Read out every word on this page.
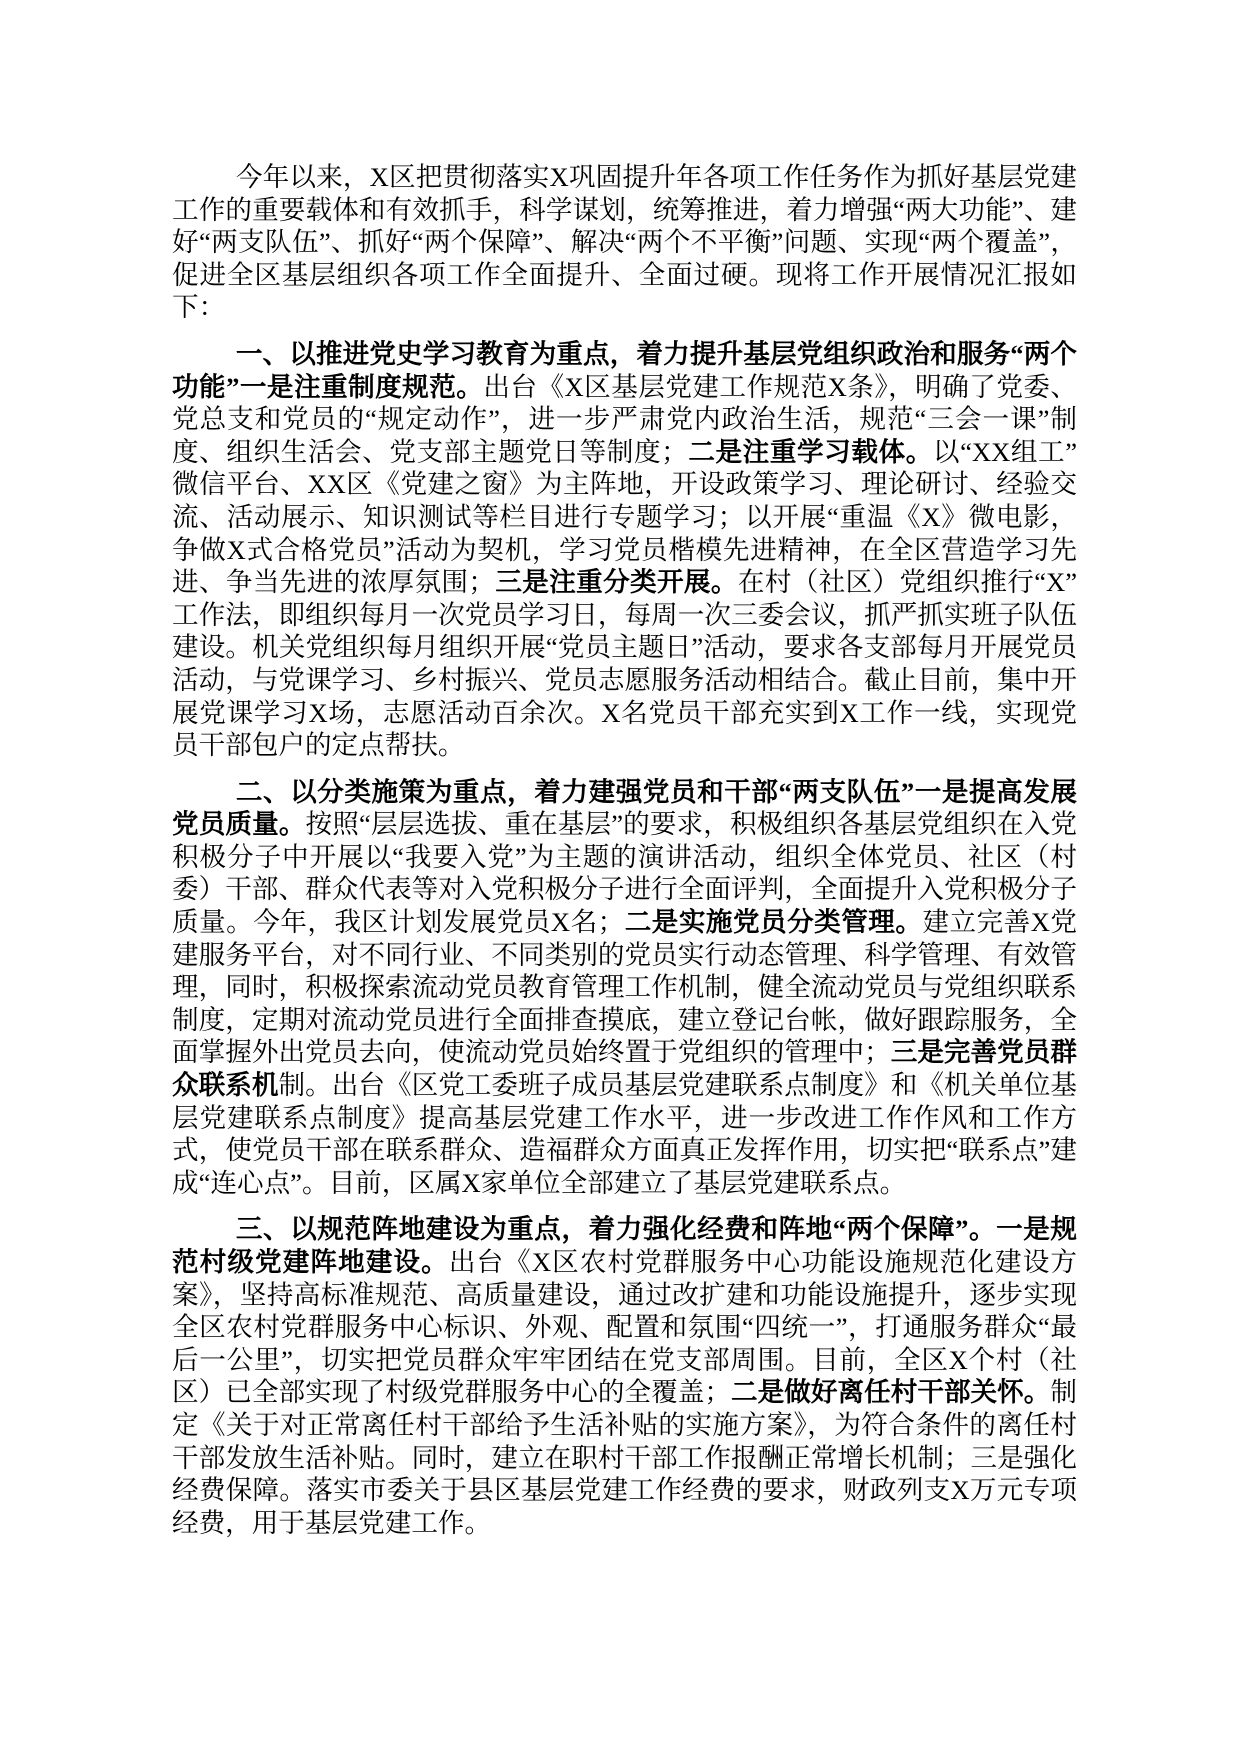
今年以来，X区把贯彻落实X巩固提升年各项工作任务作为抓好基层党建工作的重要载体和有效抓手，科学谋划，统筹推进，着力增强“两大功能”、建好“两支队伍”、抓好“两个保障”、解决“两个不平衡”问题、实现“两个覆盖”，促进全区基层组织各项工作全面提升、全面过硬。现将工作开展情况汇报如下：

一、以推进党史学习教育为重点，着力提升基层党组织政治和服务“两个功能”一是注重制度规范。出台《X区基层党建工作规范X条》，明确了党委、党总支和党员的“规定动作”，进一步严肃党内政治生活，规范“三会一课”制度、组织生活会、党支部主题党日等制度；二是注重学习载体。以“XX组工”微信平台、XX区《党建之窗》为主阵地，开设政策学习、理论研讨、经验交流、活动展示、知识测试等栏目进行专题学习；以开展“重温《X》微电影，争做X式合格党员”活动为契机，学习党员楷模先进精神，在全区营造学习先进、争当先进的浓厚氛围；三是注重分类开展。在村（社区）党组织推行“X”工作法，即组织每月一次党员学习日，每周一次三委会议，抓严抓实班子队伍建设。机关党组织每月组织开展“党员主题日”活动，要求各支部每月开展党员活动，与党课学习、乡村振兴、党员志愿服务活动相结合。截止目前，集中开展党课学习X场，志愿活动百余次。X名党员干部充实到X工作一线，实现党员干部包户的定点帮扶。

二、以分类施策为重点，着力建强党员和干部“两支队伍”一是提高发展党员质量。按照“层层选拔、重在基层”的要求，积极组织各基层党组织在入党积极分子中开展以“我要入党”为主题的演讲活动，组织全体党员、社区（村委）干部、群众代表等对入党积极分子进行全面评判，全面提升入党积极分子质量。今年，我区计划发展党员X名；二是实施党员分类管理。建立完善X党建服务平台，对不同行业、不同类别的党员实行动态管理、科学管理、有效管理，同时，积极探索流动党员教育管理工作机制，健全流动党员与党组织联系制度，定期对流动党员进行全面排查摸底，建立登记台帐，做好跟踪服务，全面掌握外出党员去向，使流动党员始终置于党组织的管理中；三是完善党员群众联系机制。出台《区党工委班子成员基层党建联系点制度》和《机关单位基层党建联系点制度》提高基层党建工作水平，进一步改进工作作风和工作方式，使党员干部在联系群众、造福群众方面真正发挥作用，切实把“联系点”建成“连心点”。目前，区属X家单位全部建立了基层党建联系点。

三、以规范阵地建设为重点，着力强化经费和阵地“两个保障”。一是规范村级党建阵地建设。出台《X区农村党群服务中心功能设施规范化建设方案》，坚持高标准规范、高质量建设，通过改扩建和功能设施提升，逐步实现全区农村党群服务中心标识、外观、配置和氛围“四统一”，打通服务群众“最后一公里”，切实把党员群众牢牢团结在党支部周围。目前，全区X个村（社区）已全部实现了村级党群服务中心的全覆盖；二是做好离任村干部关怀。制定《关于对正常离任村干部给予生活补贴的实施方案》，为符合条件的离任村干部发放生活补贴。同时，建立在职村干部工作报酬正常增长机制；三是强化经费保障。落实市委关于县区基层党建工作经费的要求，财政列支X万元专项经费，用于基层党建工作。
